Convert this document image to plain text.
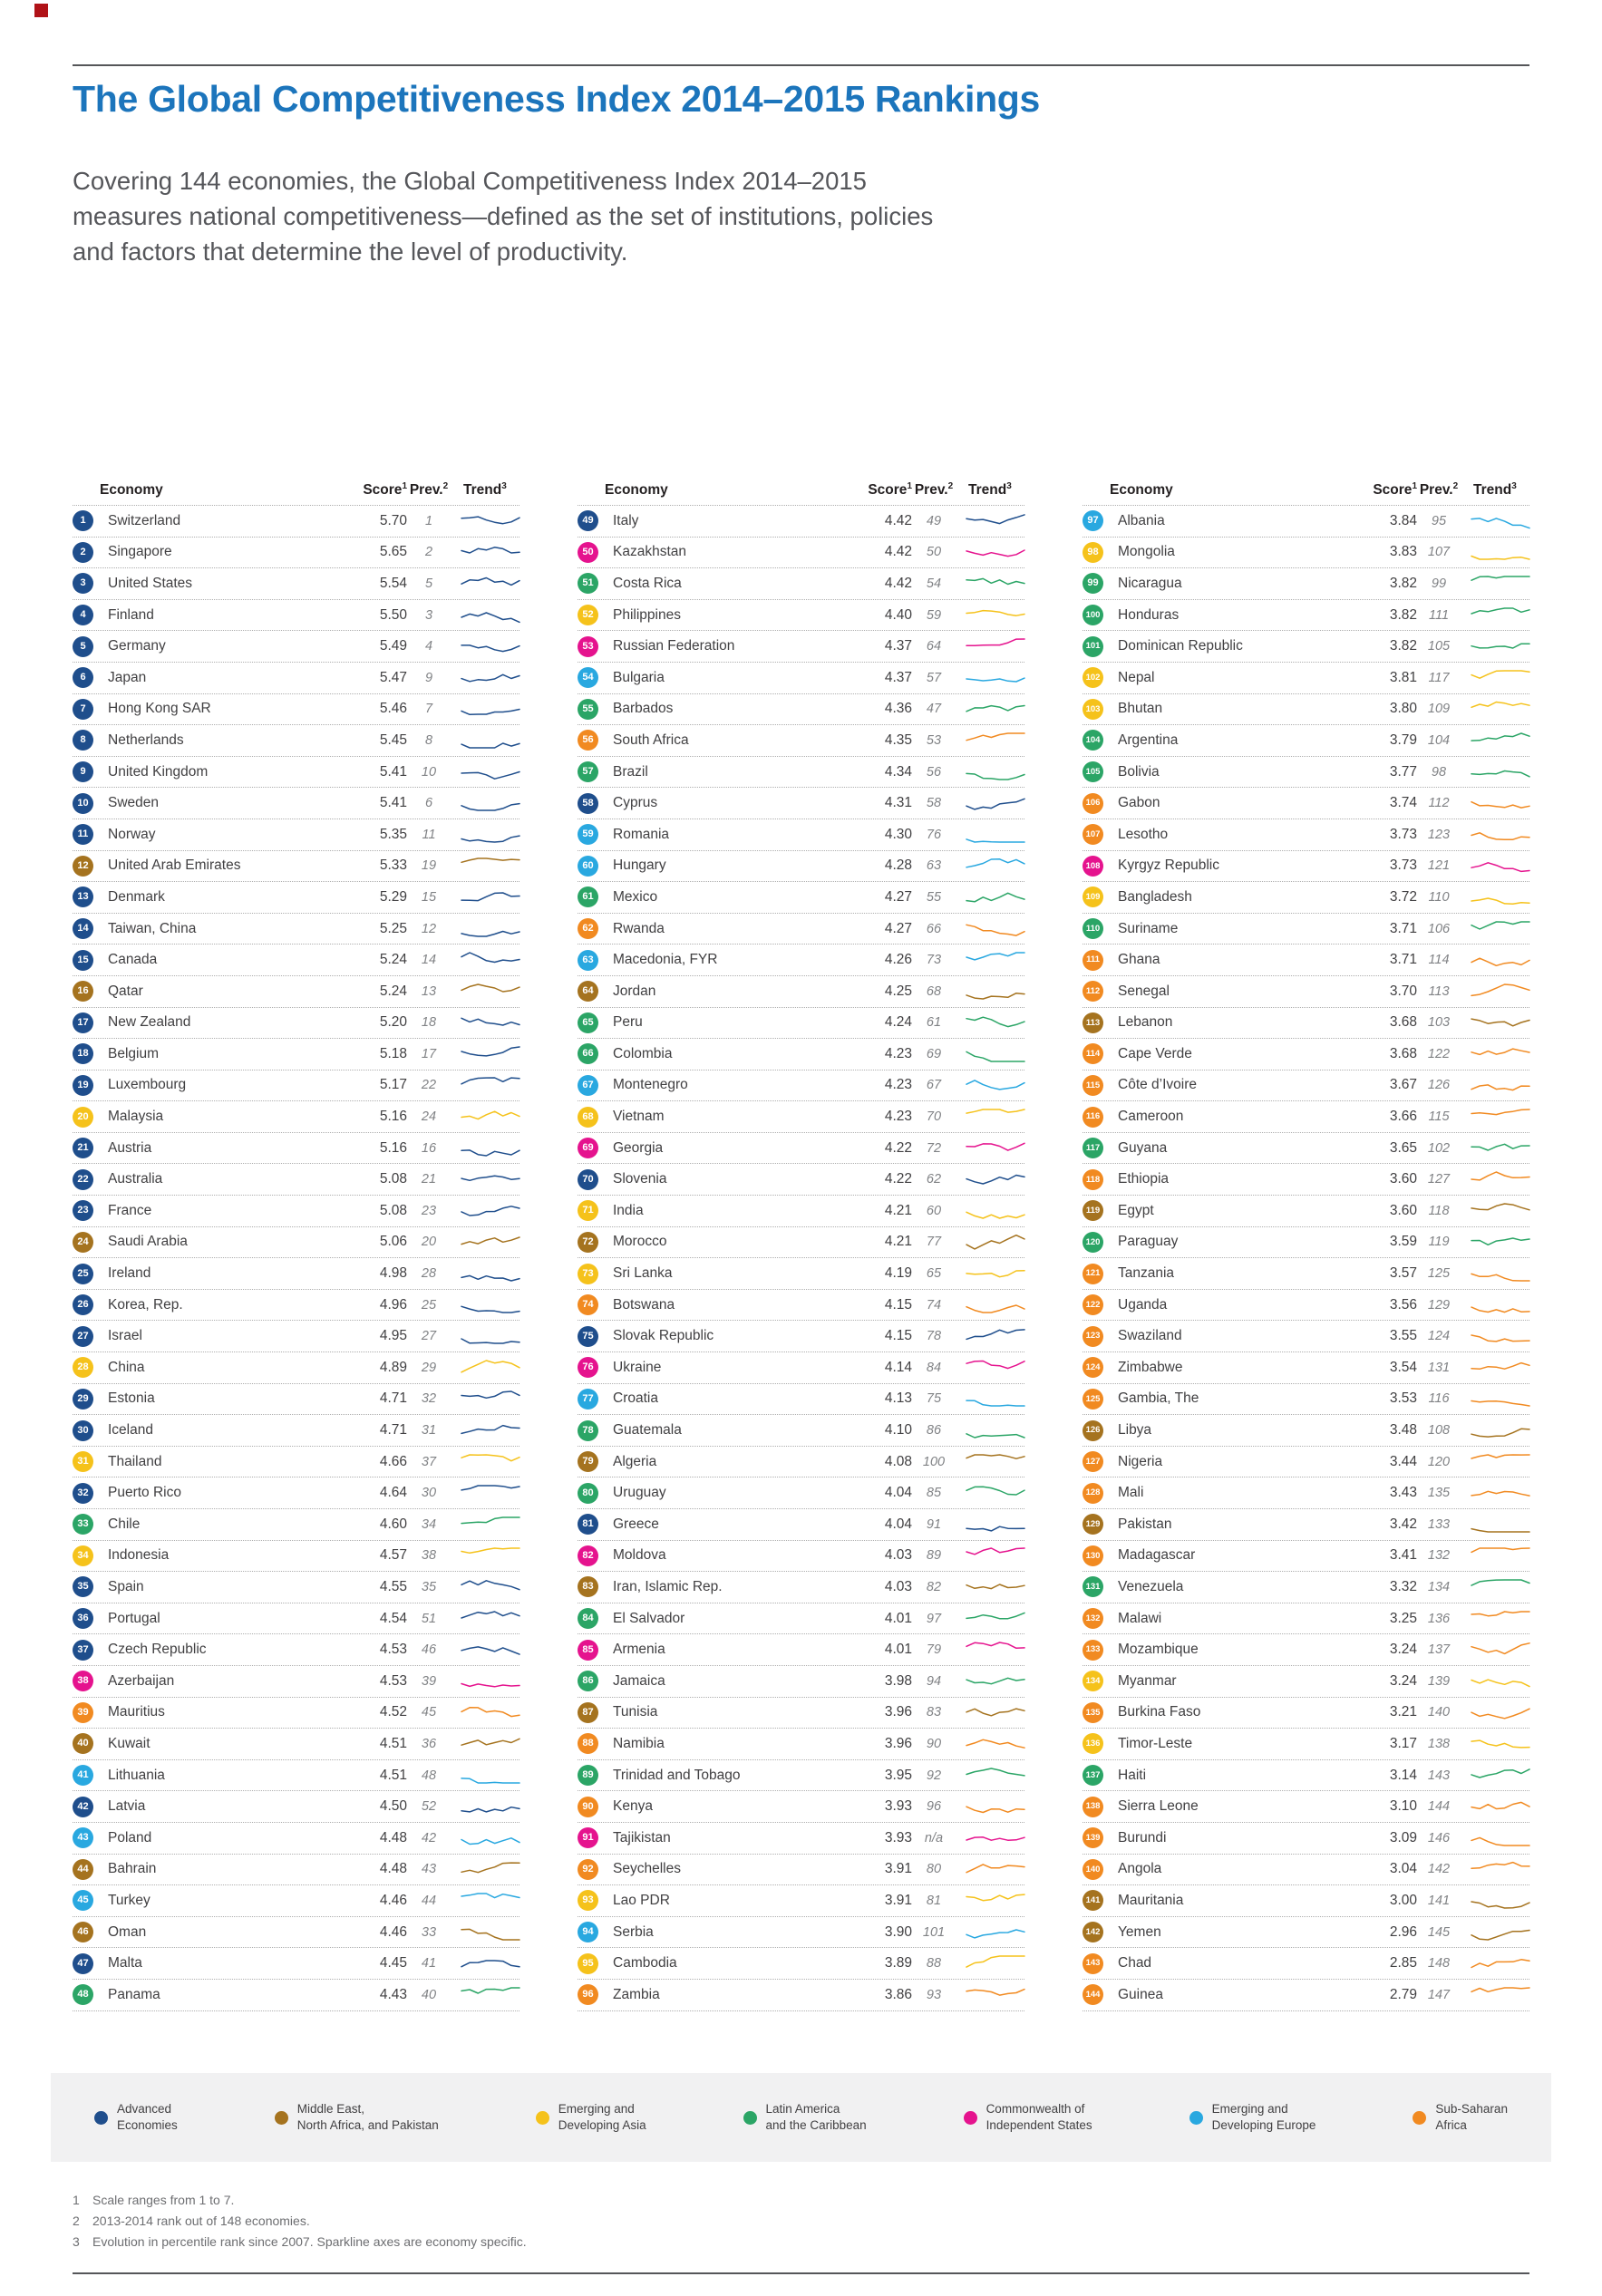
The Global Competitiveness Index 2014–2015 Rankings

Covering 144 economies, the Global Competitiveness Index 2014–2015 measures national competitiveness—defined as the set of institutions, policies and factors that determine the level of productivity.

Economy	Score$^1$ Prev.$^2$	Trend$^3$
1	Switzerland	5.70	1
2	Singapore	5.65	2
3	United States	5.54	5
4	Finland	5.50	3
5	Germany	5.49	4
6	Japan	5.47	9
7	Hong Kong SAR	5.46	7
8	Netherlands	5.45	8
9	United Kingdom	5.41	10
10	Sweden	5.41	6
11	Norway	5.35	11
12	United Arab Emirates	5.33	19
13	Denmark	5.29	15
14	Taiwan, China	5.25	12
15	Canada	5.24	14
16	Qatar	5.24	13
17	New Zealand	5.20	18
18	Belgium	5.18	17
19	Luxembourg	5.17	22
20	Malaysia	5.16	24
21	Austria	5.16	16
22	Australia	5.08	21
23	France	5.08	23
24	Saudi Arabia	5.06	20
25	Ireland	4.98	28
26	Korea, Rep.	4.96	25
27	Israel	4.95	27
28	China	4.89	29
29	Estonia	4.71	32
30	Iceland	4.71	31
31	Thailand	4.66	37
32	Puerto Rico	4.64	30
33	Chile	4.60	34
34	Indonesia	4.57	38
35	Spain	4.55	35
36	Portugal	4.54	51
37	Czech Republic	4.53	46
38	Azerbaijan	4.53	39
39	Mauritius	4.52	45
40	Kuwait	4.51	36
41	Lithuania	4.51	48
42	Latvia	4.50	52
43	Poland	4.48	42
44	Bahrain	4.48	43
45	Turkey	4.46	44
46	Oman	4.46	33
47	Malta	4.45	41
48	Panama	4.43	40
Economy	Score$^1$ Prev.$^2$	Trend$^3$
49	Italy	4.42	49
50	Kazakhstan	4.42	50
51	Costa Rica	4.42	54
52	Philippines	4.40	59
53	Russian Federation	4.37	64
54	Bulgaria	4.37	57
55	Barbados	4.36	47
56	South Africa	4.35	53
57	Brazil	4.34	56
58	Cyprus	4.31	58
59	Romania	4.30	76
60	Hungary	4.28	63
61	Mexico	4.27	55
62	Rwanda	4.27	66
63	Macedonia, FYR	4.26	73
64	Jordan	4.25	68
65	Peru	4.24	61
66	Colombia	4.23	69
67	Montenegro	4.23	67
68	Vietnam	4.23	70
69	Georgia	4.22	72
70	Slovenia	4.22	62
71	India	4.21	60
72	Morocco	4.21	77
73	Sri Lanka	4.19	65
74	Botswana	4.15	74
75	Slovak Republic	4.15	78
76	Ukraine	4.14	84
77	Croatia	4.13	75
78	Guatemala	4.10	86
79	Algeria	4.08 100
80	Uruguay	4.04	85
81	Greece	4.04	91
82	Moldova	4.03	89
83	Iran, Islamic Rep.	4.03	82
84	El Salvador	4.01	97
85	Armenia	4.01	79
86	Jamaica	3.98	94
87	Tunisia	3.96	83
88	Namibia	3.96	90
89	Trinidad and Tobago	3.95	92
90	Kenya	3.93	96
91	Tajikistan	3.93 n/a
92	Seychelles	3.91	80
93	Lao PDR	3.91	81
94	Serbia	3.90 101
95	Cambodia	3.89	88
96	Zambia	3.86	93
Economy	Score$^1$ Prev.$^2$	Trend$^3$
97	Albania	3.84	95
98	Mongolia	3.83 107
99	Nicaragua	3.82	99
100	Honduras	3.82 111
101	Dominican Republic	3.82 105
102	Nepal	3.81 117
103	Bhutan	3.80 109
104	Argentina	3.79 104
105	Bolivia	3.77	98
106	Gabon	3.74 112
107	Lesotho	3.73 123
108	Kyrgyz Republic	3.73 121
109	Bangladesh	3.72 110
110	Suriname	3.71 106
111	Ghana	3.71 114
112	Senegal	3.70 113
113	Lebanon	3.68 103
114	Cape Verde	3.68 122
115	Côte d’Ivoire	3.67 126
116	Cameroon	3.66 115
117	Guyana	3.65 102
118	Ethiopia	3.60 127
119	Egypt	3.60 118
120	Paraguay	3.59 119
121	Tanzania	3.57 125
122	Uganda	3.56 129
123	Swaziland	3.55 124
124	Zimbabwe	3.54 131
125	Gambia, The	3.53 116
126	Libya	3.48 108
127	Nigeria	3.44 120
128	Mali	3.43 135
129	Pakistan	3.42 133
130	Madagascar	3.41 132
131	Venezuela	3.32 134
132	Malawi	3.25 136
133	Mozambique	3.24 137
134	Myanmar	3.24 139
135	Burkina Faso	3.21 140
136	Timor-Leste	3.17 138
137	Haiti	3.14 143
138	Sierra Leone	3.10 144
139	Burundi	3.09 146
140	Angola	3.04 142
141	Mauritania	3.00 141
142	Yemen	2.96 145
143	Chad	2.85 148
144	Guinea	2.79 147
Advanced
Economies
Middle East,
North Africa, and Pakistan
Emerging and
Developing Asia
Latin America
and the Caribbean
Commonwealth of
Independent States
Emerging and
Developing Europe
Sub-Saharan
Africa
1	Scale ranges from 1 to 7.
2	2013-2014 rank out of 148 economies.
3	Evolution in percentile rank since 2007. Sparkline axes are economy specific.
